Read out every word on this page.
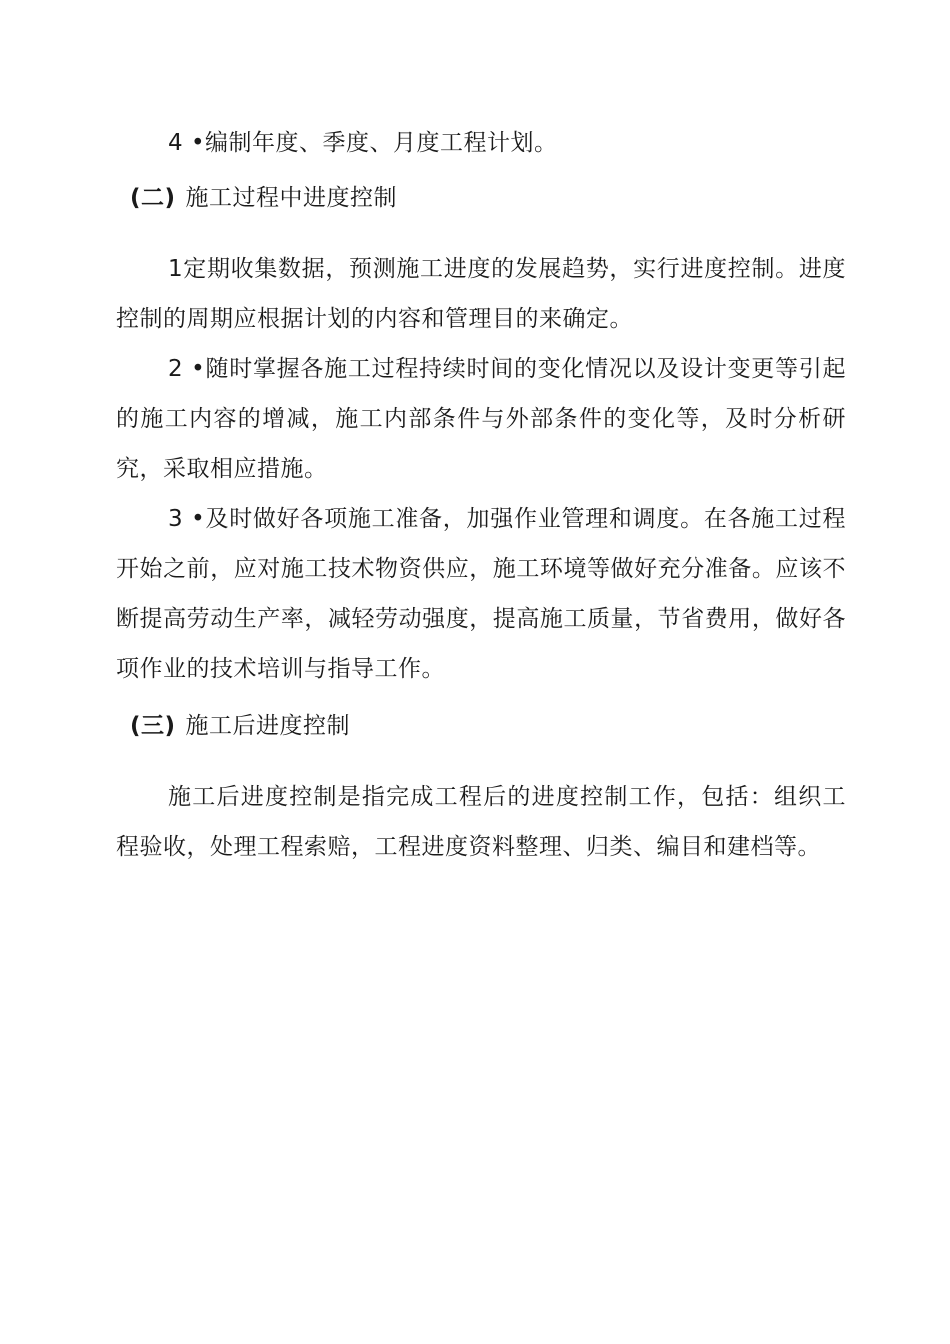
4 •编制年度、季度、月度工程计划。
(二) 施工过程中进度控制
1定期收集数据，预测施工进度的发展趋势，实行进度控制。进度控制的周期应根据计划的内容和管理目的来确定。
2 •随时掌握各施工过程持续时间的变化情况以及设计变更等引起的施工内容的增减，施工内部条件与外部条件的变化等，及时分析研究，采取相应措施。
3 •及时做好各项施工准备，加强作业管理和调度。在各施工过程开始之前，应对施工技术物资供应，施工环境等做好充分准备。应该不断提高劳动生产率，减轻劳动强度，提高施工质量，节省费用，做好各项作业的技术培训与指导工作。
(三) 施工后进度控制
施工后进度控制是指完成工程后的进度控制工作，包括：组织工程验收，处理工程索赔，工程进度资料整理、归类、编目和建档等。
